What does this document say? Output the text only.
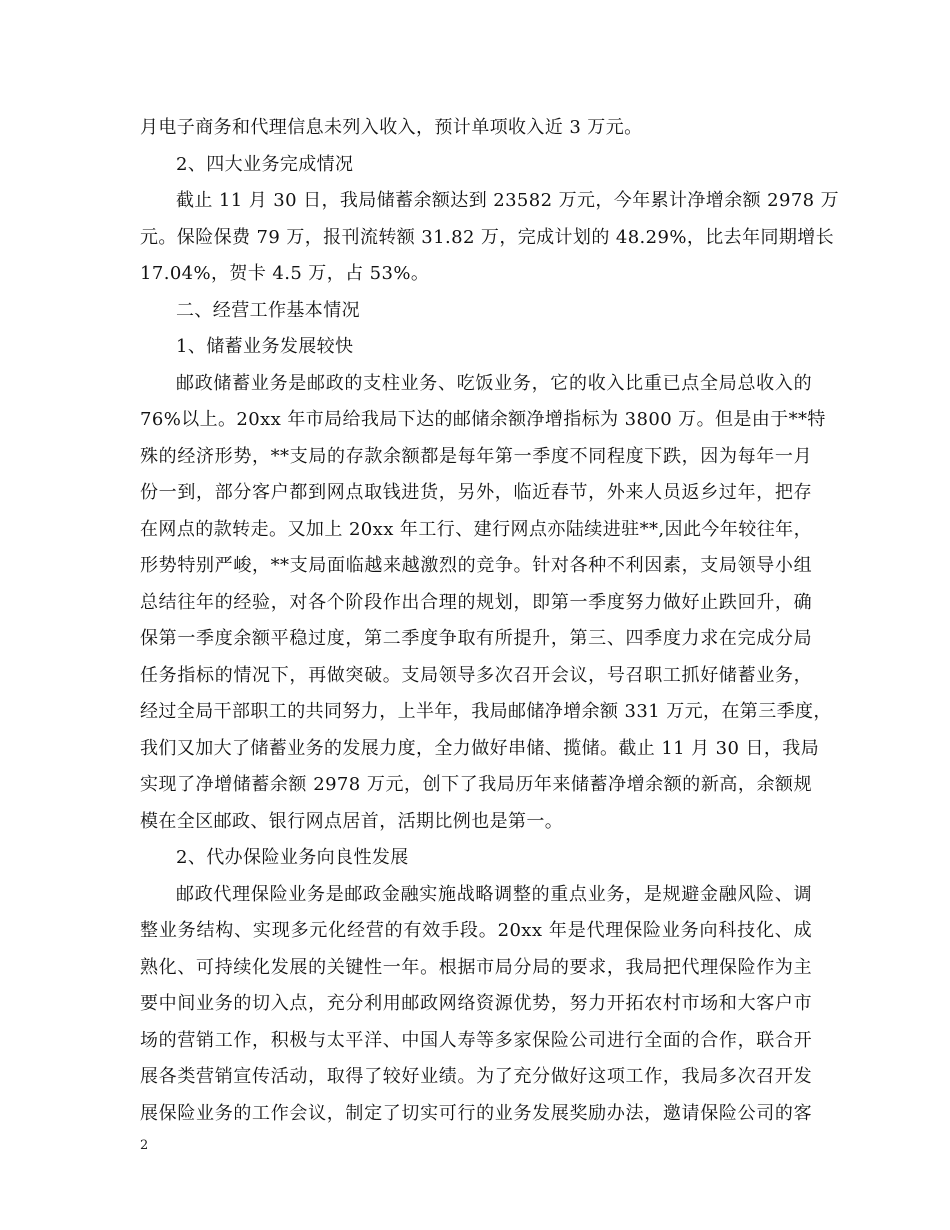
月电子商务和代理信息未列入收入，预计单项收入近 3 万元。
2、四大业务完成情况
截止 11 月 30 日，我局储蓄余额达到 23582 万元，今年累计净增余额 2978 万
元。保险保费 79 万，报刊流转额 31.82 万，完成计划的 48.29%，比去年同期增长
17.04%，贺卡 4.5 万，占 53%。
二、经营工作基本情况
1、储蓄业务发展较快
邮政储蓄业务是邮政的支柱业务、吃饭业务，它的收入比重已点全局总收入的
76%以上。20xx 年市局给我局下达的邮储余额净增指标为 3800 万。但是由于**特
殊的经济形势，**支局的存款余额都是每年第一季度不同程度下跌，因为每年一月
份一到，部分客户都到网点取钱进货，另外，临近春节，外来人员返乡过年，把存
在网点的款转走。又加上 20xx 年工行、建行网点亦陆续进驻**,因此今年较往年，
形势特别严峻，**支局面临越来越激烈的竞争。针对各种不利因素，支局领导小组
总结往年的经验，对各个阶段作出合理的规划，即第一季度努力做好止跌回升，确
保第一季度余额平稳过度，第二季度争取有所提升，第三、四季度力求在完成分局
任务指标的情况下，再做突破。支局领导多次召开会议，号召职工抓好储蓄业务，
经过全局干部职工的共同努力，上半年，我局邮储净增余额 331 万元，在第三季度，
我们又加大了储蓄业务的发展力度，全力做好串储、揽储。截止 11 月 30 日，我局
实现了净增储蓄余额 2978 万元，创下了我局历年来储蓄净增余额的新高，余额规
模在全区邮政、银行网点居首，活期比例也是第一。
2、代办保险业务向良性发展
邮政代理保险业务是邮政金融实施战略调整的重点业务，是规避金融风险、调
整业务结构、实现多元化经营的有效手段。20xx 年是代理保险业务向科技化、成
熟化、可持续化发展的关键性一年。根据市局分局的要求，我局把代理保险作为主
要中间业务的切入点，充分利用邮政网络资源优势，努力开拓农村市场和大客户市
场的营销工作，积极与太平洋、中国人寿等多家保险公司进行全面的合作，联合开
展各类营销宣传活动，取得了较好业绩。为了充分做好这项工作，我局多次召开发
展保险业务的工作会议，制定了切实可行的业务发展奖励办法，邀请保险公司的客
2
